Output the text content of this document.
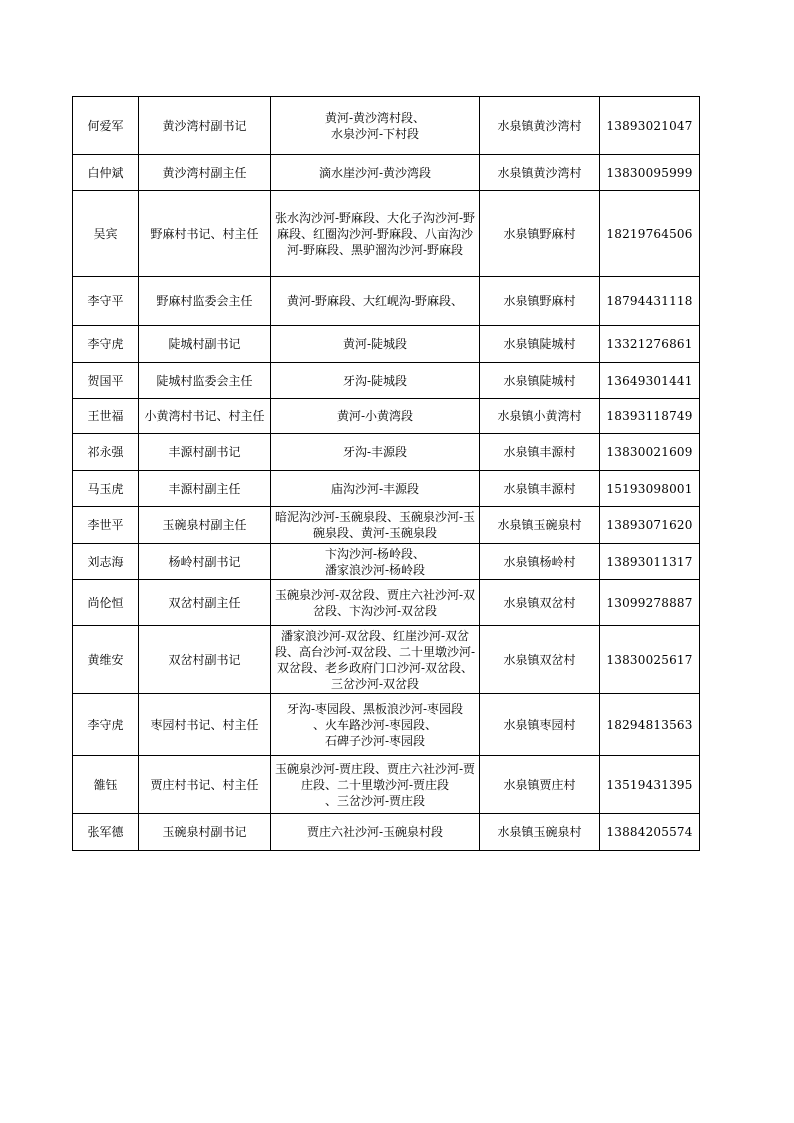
何爱军	黄沙湾村副书记	黄河-黄沙湾村段、
水泉沙河-下村段	水泉镇黄沙湾村	13893021047
白仲斌	黄沙湾村副主任	滴水崖沙河-黄沙湾段	水泉镇黄沙湾村	13830095999
吴宾	野麻村书记、村主任	张水沟沙河-野麻段、大化子沟沙河-野麻段、红圈沟沙河-野麻段、八亩沟沙河-野麻段、黑驴溜沟沙河-野麻段	水泉镇野麻村	18219764506
李守平	野麻村监委会主任	黄河-野麻段、大红岘沟-野麻段、	水泉镇野麻村	18794431118
李守虎	陡城村副书记	黄河-陡城段	水泉镇陡城村	13321276861
贺国平	陡城村监委会主任	牙沟-陡城段	水泉镇陡城村	13649301441
王世福	小黄湾村书记、村主任	黄河-小黄湾段	水泉镇小黄湾村	18393118749
祁永强	丰源村副书记	牙沟-丰源段	水泉镇丰源村	13830021609
马玉虎	丰源村副主任	庙沟沙河-丰源段	水泉镇丰源村	15193098001
李世平	玉碗泉村副主任	暗泥沟沙河-玉碗泉段、玉碗泉沙河-玉碗泉段、黄河-玉碗泉段	水泉镇玉碗泉村	13893071620
刘志海	杨岭村副书记	卞沟沙河-杨岭段、
潘家浪沙河-杨岭段	水泉镇杨岭村	13893011317
尚伦恒	双岔村副主任	玉碗泉沙河-双岔段、贾庄六社沙河-双岔段、卞沟沙河-双岔段	水泉镇双岔村	13099278887
黄维安	双岔村副书记	潘家浪沙河-双岔段、红崖沙河-双岔段、高台沙河-双岔段、二十里墩沙河-双岔段、老乡政府门口沙河-双岔段、三岔沙河-双岔段	水泉镇双岔村	13830025617
李守虎	枣园村书记、村主任	牙沟-枣园段、黑板浪沙河-枣园段
、火车路沙河-枣园段、
石碑子沙河-枣园段	水泉镇枣园村	18294813563
雒钰	贾庄村书记、村主任	玉碗泉沙河-贾庄段、贾庄六社沙河-贾庄段、二十里墩沙河-贾庄段
、三岔沙河-贾庄段	水泉镇贾庄村	13519431395
张军德	玉碗泉村副书记	贾庄六社沙河-玉碗泉村段	水泉镇玉碗泉村	13884205574
